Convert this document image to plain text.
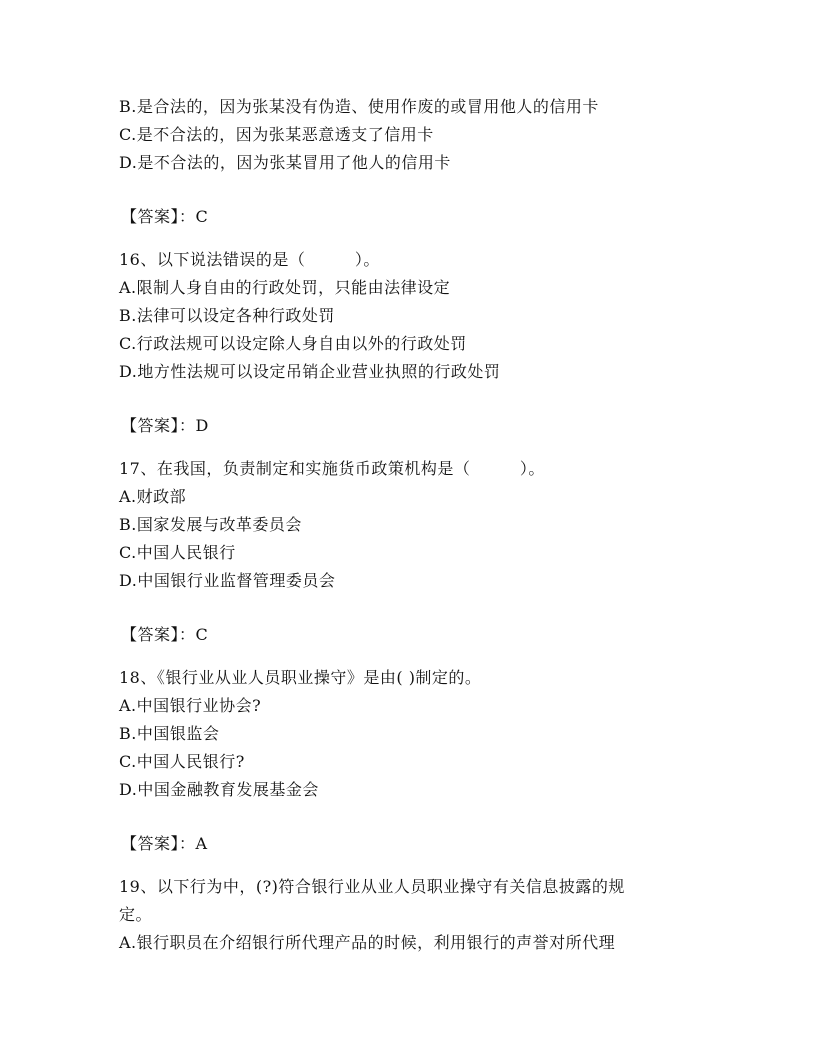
B.是合法的，因为张某没有伪造、使用作废的或冒用他人的信用卡
C.是不合法的，因为张某恶意透支了信用卡
D.是不合法的，因为张某冒用了他人的信用卡
【答案】：C
16、以下说法错误的是（　　　）。
A.限制人身自由的行政处罚，只能由法律设定
B.法律可以设定各种行政处罚
C.行政法规可以设定除人身自由以外的行政处罚
D.地方性法规可以设定吊销企业营业执照的行政处罚
【答案】：D
17、在我国，负责制定和实施货币政策机构是（　　　）。
A.财政部
B.国家发展与改革委员会
C.中国人民银行
D.中国银行业监督管理委员会
【答案】：C
18、《银行业从业人员职业操守》是由( )制定的。
A.中国银行业协会?
B.中国银监会
C.中国人民银行?
D.中国金融教育发展基金会
【答案】：A
19、以下行为中，(?)符合银行业从业人员职业操守有关信息披露的规
定。
A.银行职员在介绍银行所代理产品的时候，利用银行的声誉对所代理
